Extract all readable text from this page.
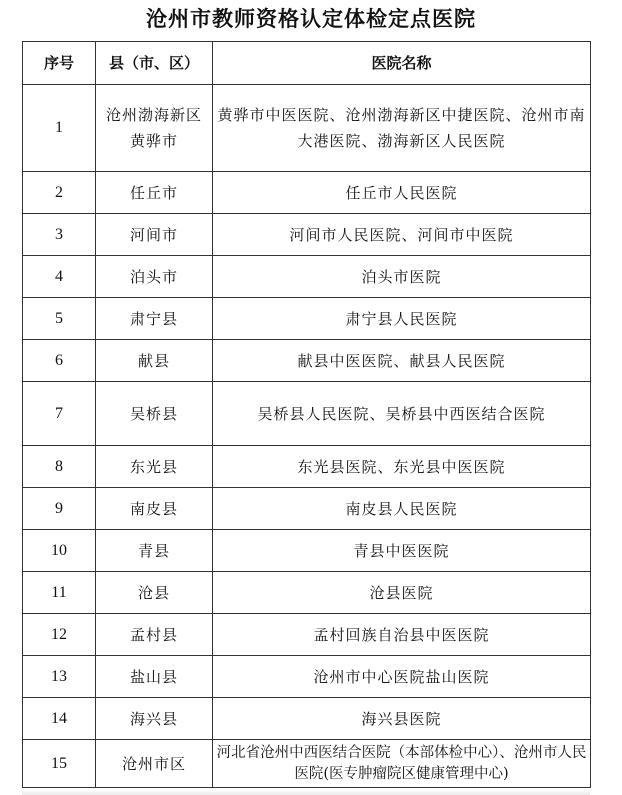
沧州市教师资格认定体检定点医院
序号	县（市、区）	医院名称
1	沧州渤海新区黄骅市	黄骅市中医医院、沧州渤海新区中捷医院、沧州市南大港医院、渤海新区人民医院
2	任丘市	任丘市人民医院
3	河间市	河间市人民医院、河间市中医院
4	泊头市	泊头市医院
5	肃宁县	肃宁县人民医院
6	献县	献县中医医院、献县人民医院
7	吴桥县	吴桥县人民医院、吴桥县中西医结合医院
8	东光县	东光县医院、东光县中医医院
9	南皮县	南皮县人民医院
10	青县	青县中医医院
11	沧县	沧县医院
12	孟村县	孟村回族自治县中医医院
13	盐山县	沧州市中心医院盐山医院
14	海兴县	海兴县医院
15	沧州市区	河北省沧州中西医结合医院（本部体检中心）、沧州市人民医院(医专肿瘤院区健康管理中心)
